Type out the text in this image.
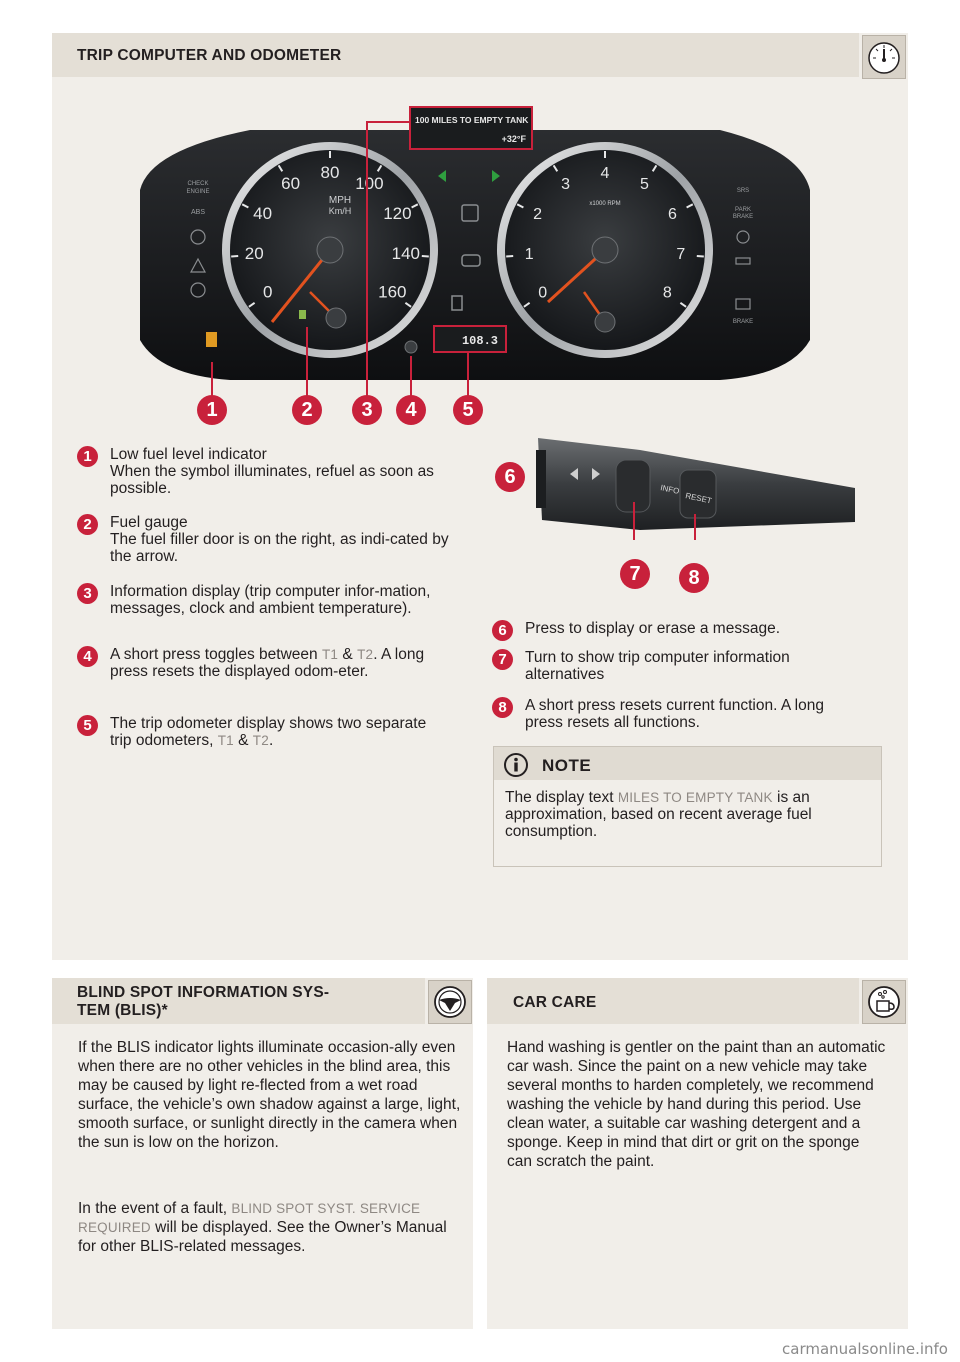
TRIP COMPUTER AND ODOMETER
0
20
40
60
80
100
120
140
160	0
1
2
3
4
5
6
7
8
100 MILES TO EMPTY TANK
+32°F
108.3
CHECK
ENGINE
ABS
SRS
PARK
BRAKE
BRAKE
MPH
Km/H
x1000 RPM
1	2	3	4	5
INFO
RESET
6
7	8
1	Low fuel level indicator
When the symbol illuminates, refuel as soon as possible.
2	Fuel gauge
The fuel filler door is on the right, as indi-cated by the arrow.
3	Information display (trip computer infor-mation, messages, clock and ambient temperature).
4	A short press toggles between T1 & T2. A long press resets the displayed odom-eter.
5	The trip odometer display shows two separate trip odometers, T1 & T2.
6	Press to display or erase a message.
7	Turn to show trip computer information alternatives
8	A short press resets current function. A long press resets all functions.
NOTE
The display text MILES TO EMPTY TANK is an approximation, based on recent average fuel consumption.
BLIND SPOT INFORMATION SYS-
TEM (BLIS)*
If the BLIS indicator lights illuminate occasion-ally even when there are no other vehicles in the blind area, this may be caused by light re-flected from a wet road surface, the vehicle’s own shadow against a large, light, smooth surface, or sunlight directly in the camera when the sun is low on the horizon.
In the event of a fault, BLIND SPOT SYST. SERVICE REQUIRED will be displayed. See the Owner’s Manual for other BLIS-related messages.
CAR CARE
Hand washing is gentler on the paint than an automatic car wash. Since the paint on a new vehicle may take several months to harden completely, we recommend washing the vehicle by hand during this period. Use clean water, a suitable car washing detergent and a sponge. Keep in mind that dirt or grit on the sponge can scratch the paint.
carmanualsonline.info
